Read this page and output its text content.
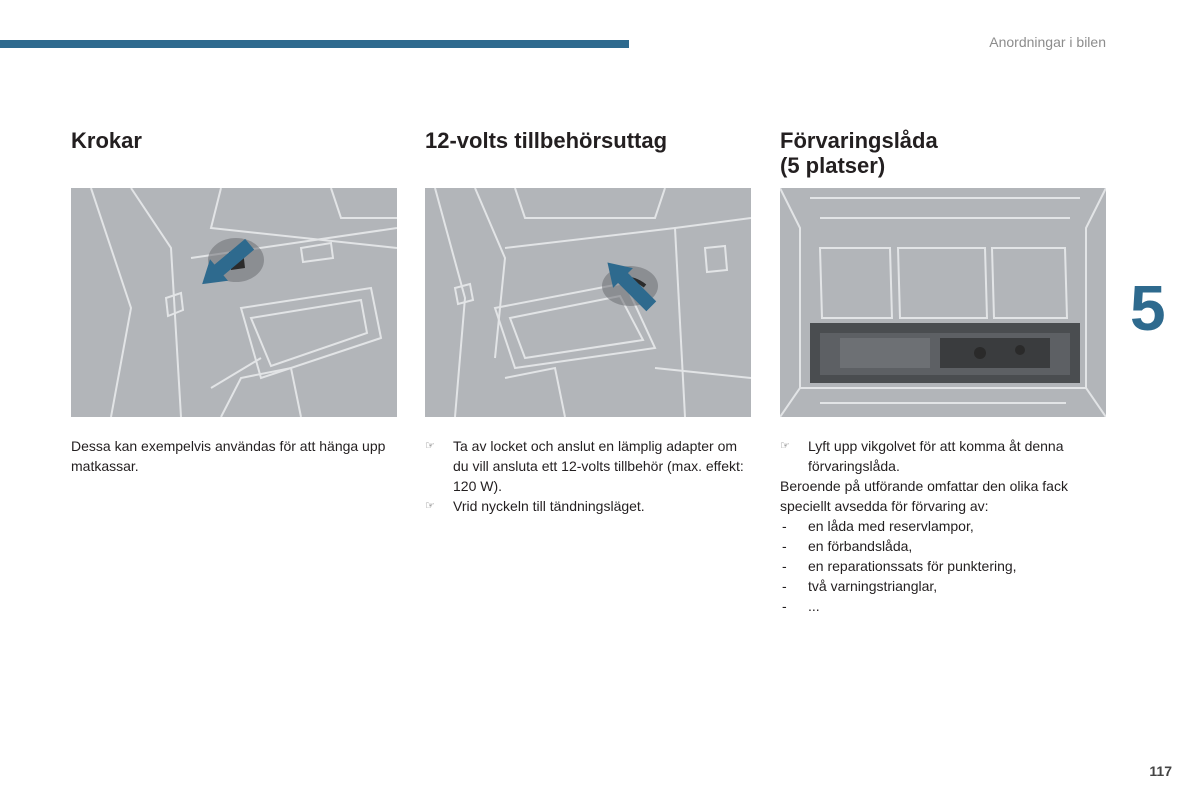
Anordningar i bilen
5
117
Krokar

Dessa kan exempelvis användas för att hänga upp matkassar.

12-volts tillbehörsuttag

☞ Ta av locket och anslut en lämplig adapter om du vill ansluta ett 12-volts tillbehör (max. effekt: 120 W).

☞ Vrid nyckeln till tändningsläget.

Förvaringslåda
(5 platser)

☞ Lyft upp vikgolvet för att komma åt denna förvaringslåda.

Beroende på utförande omfattar den olika fack speciellt avsedda för förvaring av:

- en låda med reservlampor,

- en förbandslåda,

- en reparationssats för punktering,

- två varningstrianglar,

- ...
